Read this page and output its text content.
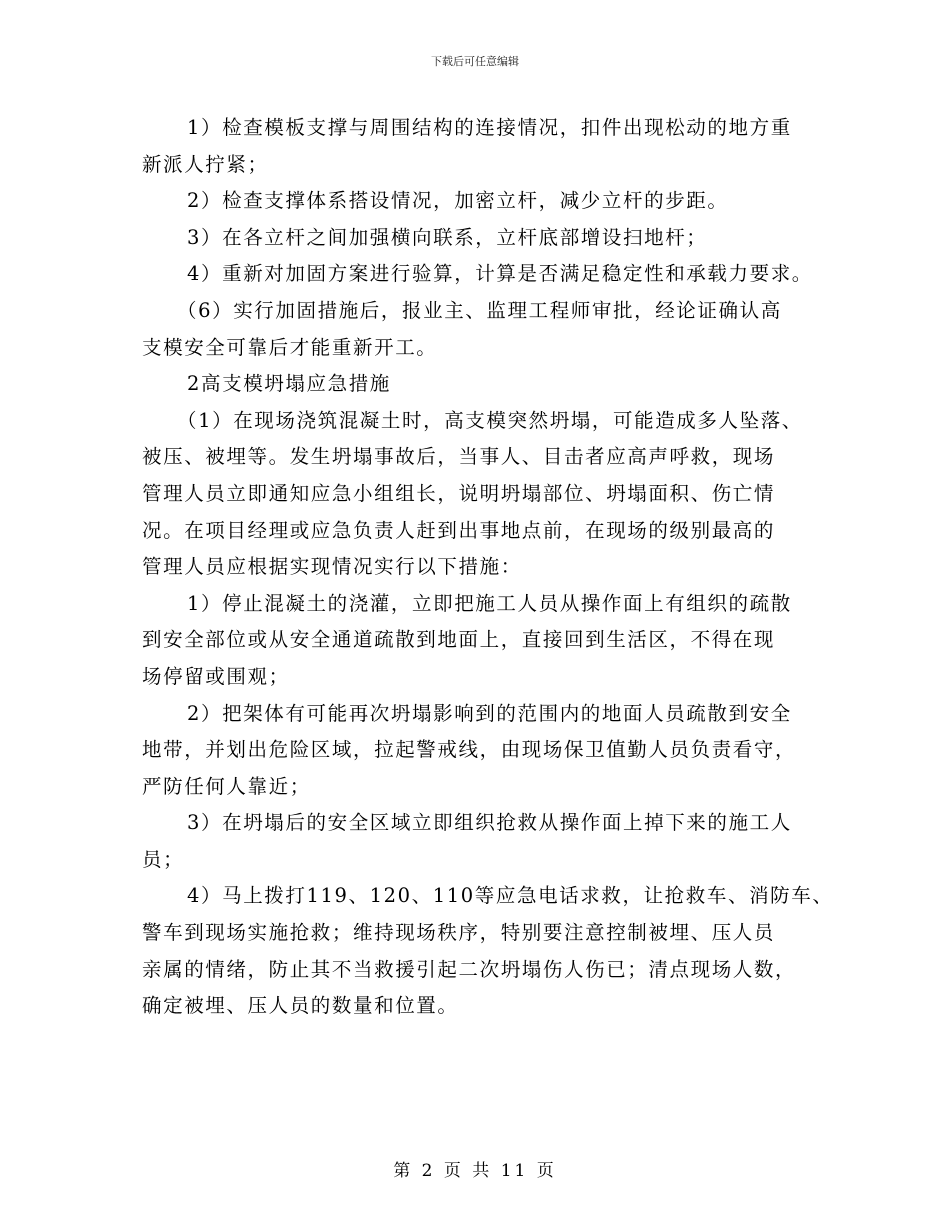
下载后可任意编辑
1）检查模板支撑与周围结构的连接情况，扣件出现松动的地方重
新派人拧紧；
2）检查支撑体系搭设情况，加密立杆，减少立杆的步距。
3）在各立杆之间加强横向联系，立杆底部增设扫地杆；
4）重新对加固方案进行验算，计算是否满足稳定性和承载力要求。
（6）实行加固措施后，报业主、监理工程师审批，经论证确认高
支模安全可靠后才能重新开工。
2高支模坍塌应急措施
（1）在现场浇筑混凝土时，高支模突然坍塌，可能造成多人坠落、
被压、被埋等。发生坍塌事故后，当事人、目击者应高声呼救，现场
管理人员立即通知应急小组组长，说明坍塌部位、坍塌面积、伤亡情
况。在项目经理或应急负责人赶到出事地点前，在现场的级别最高的
管理人员应根据实现情况实行以下措施：
1）停止混凝土的浇灌，立即把施工人员从操作面上有组织的疏散
到安全部位或从安全通道疏散到地面上，直接回到生活区，不得在现
场停留或围观；
2）把架体有可能再次坍塌影响到的范围内的地面人员疏散到安全
地带，并划出危险区域，拉起警戒线，由现场保卫值勤人员负责看守，
严防任何人靠近；
3）在坍塌后的安全区域立即组织抢救从操作面上掉下来的施工人
员；
4）马上拨打119、120、110等应急电话求救，让抢救车、消防车、
警车到现场实施抢救；维持现场秩序，特别要注意控制被埋、压人员
亲属的情绪，防止其不当救援引起二次坍塌伤人伤已；清点现场人数，
确定被埋、压人员的数量和位置。
第 2 页 共 11 页
